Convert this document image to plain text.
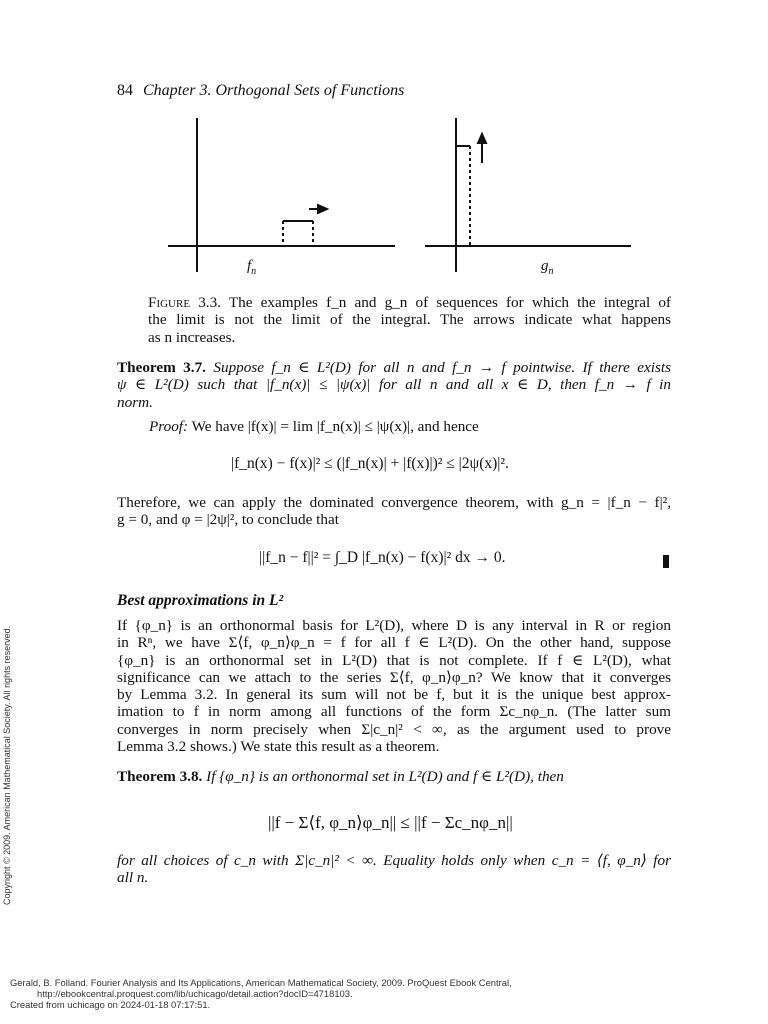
84 Chapter 3. Orthogonal Sets of Functions
$f_n$	$g_n$
Figure 3.3. The examples f_n and g_n of sequences for which the integral of
the limit is not the limit of the integral. The arrows indicate what happens
as n increases.
Theorem 3.7. Suppose f_n ∈ L²(D) for all n and f_n → f pointwise. If there exists
ψ ∈ L²(D) such that |f_n(x)| ≤ |ψ(x)| for all n and all x ∈ D, then f_n → f in
norm.
Proof: We have |f(x)| = lim |f_n(x)| ≤ |ψ(x)|, and hence
|f_n(x) − f(x)|² ≤ (|f_n(x)| + |f(x)|)² ≤ |2ψ(x)|².
Therefore, we can apply the dominated convergence theorem, with g_n = |f_n − f|²,
g = 0, and φ = |2ψ|², to conclude that
||f_n − f||² = ∫_D |f_n(x) − f(x)|² dx → 0.
Best approximations in L²
If {φ_n} is an orthonormal basis for L²(D), where D is any interval in R or region
in Rⁿ, we have Σ⟨f, φ_n⟩φ_n = f for all f ∈ L²(D). On the other hand, suppose
{φ_n} is an orthonormal set in L²(D) that is not complete. If f ∈ L²(D), what
significance can we attach to the series Σ⟨f, φ_n⟩φ_n? We know that it converges
by Lemma 3.2. In general its sum will not be f, but it is the unique best approx-
imation to f in norm among all functions of the form Σc_nφ_n. (The latter sum
converges in norm precisely when Σ|c_n|² < ∞, as the argument used to prove
Lemma 3.2 shows.) We state this result as a theorem.
Theorem 3.8. If {φ_n} is an orthonormal set in L²(D) and f ∈ L²(D), then
||f − Σ⟨f, φ_n⟩φ_n|| ≤ ||f − Σc_nφ_n||
for all choices of c_n with Σ|c_n|² < ∞. Equality holds only when c_n = ⟨f, φ_n⟩ for
all n.
Copyright © 2009. American Mathematical Society. All rights reserved.
Gerald, B. Folland. Fourier Analysis and Its Applications, American Mathematical Society, 2009. ProQuest Ebook Central,
http://ebookcentral.proquest.com/lib/uchicago/detail.action?docID=4718103.
Created from uchicago on 2024-01-18 07:17:51.
